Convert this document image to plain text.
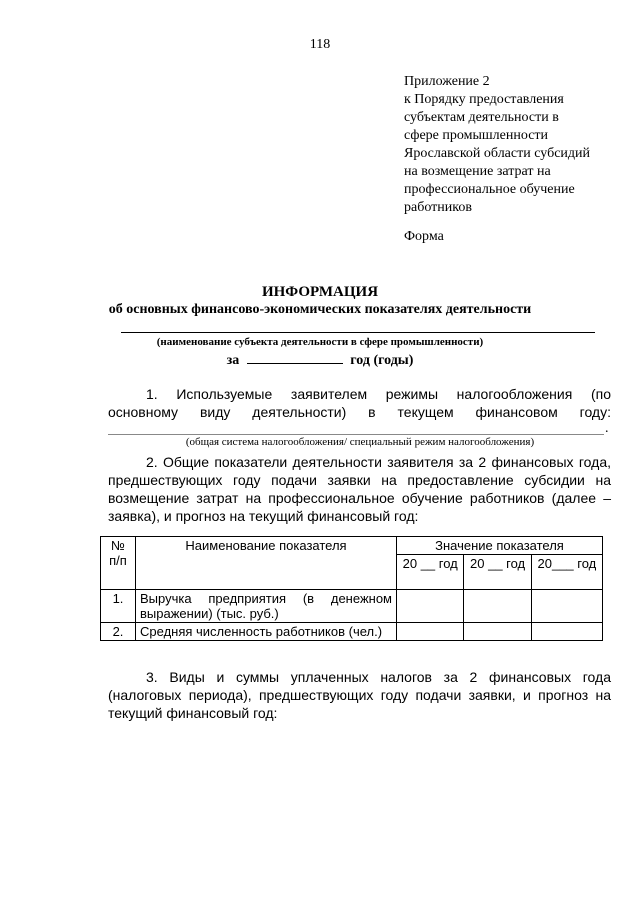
118
Приложение 2
к Порядку предоставления
субъектам деятельности в
сфере промышленности
Ярославской области субсидий
на возмещение затрат на
профессиональное обучение
работников
Форма
ИНФОРМАЦИЯ
об основных финансово-экономических показателях деятельности
(наименование субъекта деятельности в сфере промышленности)
за	год (годы)
1. Используемые заявителем режимы налогообложения (по основному виду деятельности) в текущем финансовом году:
.
(общая система налогообложения/ специальный режим налогообложения)
2. Общие показатели деятельности заявителя за 2 финансовых года, предшествующих году подачи заявки на предоставление субсидии на возмещение затрат на профессиональное обучение работников (далее – заявка), и прогноз на текущий финансовый год:
№ п/п	Наименование показателя	Значение показателя		
		20 __ год	20 __ год	20___ год
1.	Выручка предприятия (в денежном выражении) (тыс. руб.)			
2.	Средняя численность работников (чел.)			
3. Виды и суммы уплаченных налогов за 2 финансовых года (налоговых периода), предшествующих году подачи заявки, и прогноз на текущий финансовый год:
